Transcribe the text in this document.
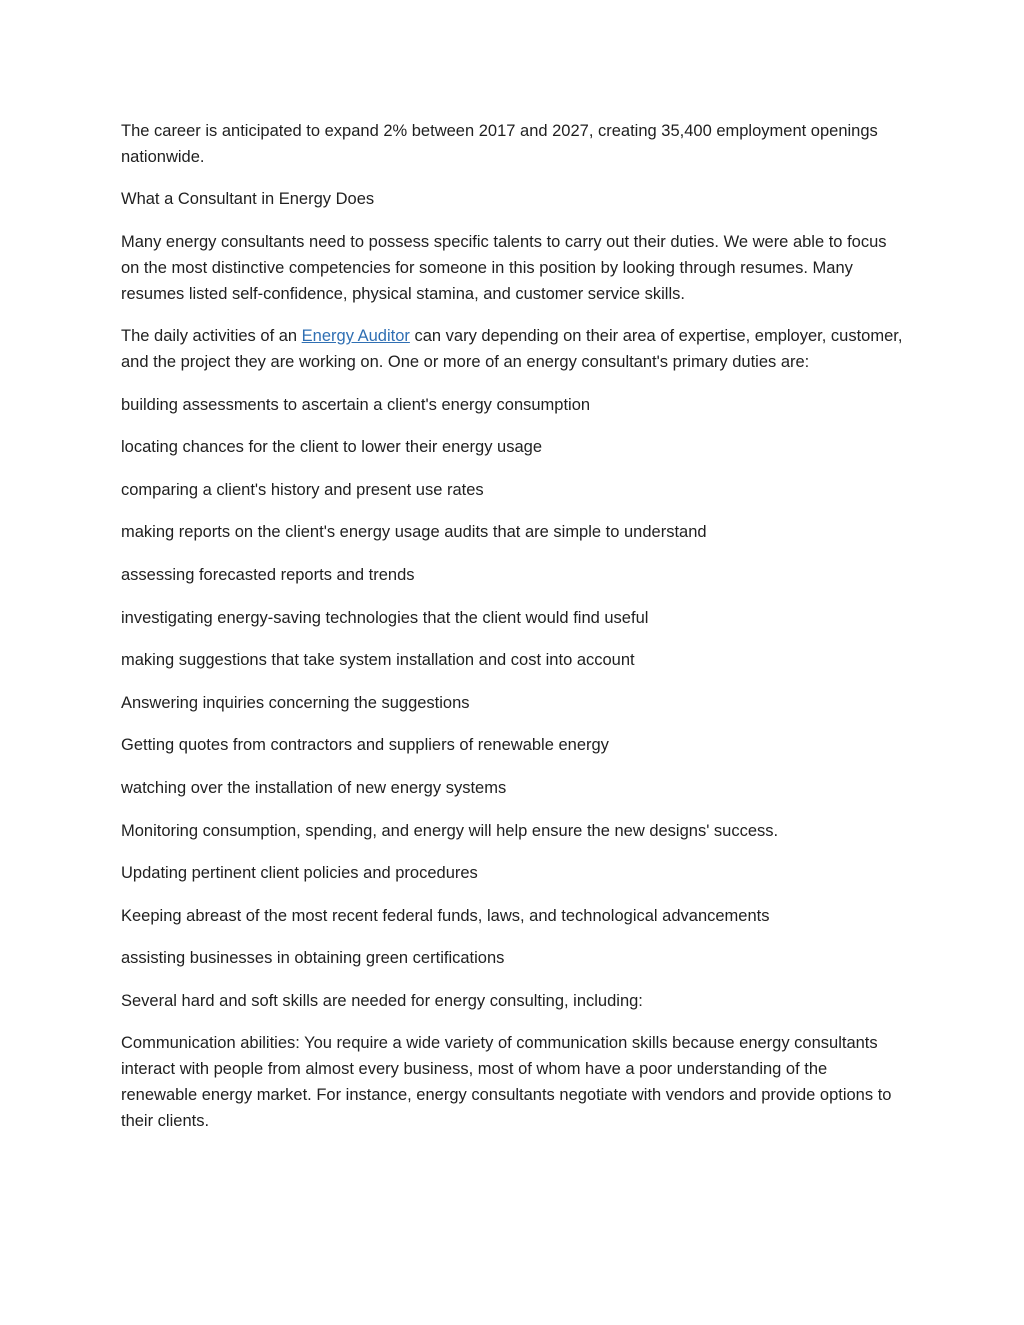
The career is anticipated to expand 2% between 2017 and 2027, creating 35,400 employment openings nationwide.

What a Consultant in Energy Does

Many energy consultants need to possess specific talents to carry out their duties. We were able to focus on the most distinctive competencies for someone in this position by looking through resumes. Many resumes listed self-confidence, physical stamina, and customer service skills.

The daily activities of an Energy Auditor can vary depending on their area of expertise, employer, customer, and the project they are working on. One or more of an energy consultant's primary duties are:

building assessments to ascertain a client's energy consumption

locating chances for the client to lower their energy usage

comparing a client's history and present use rates

making reports on the client's energy usage audits that are simple to understand

assessing forecasted reports and trends

investigating energy-saving technologies that the client would find useful

making suggestions that take system installation and cost into account

Answering inquiries concerning the suggestions

Getting quotes from contractors and suppliers of renewable energy

watching over the installation of new energy systems

Monitoring consumption, spending, and energy will help ensure the new designs' success.

Updating pertinent client policies and procedures

Keeping abreast of the most recent federal funds, laws, and technological advancements

assisting businesses in obtaining green certifications

Several hard and soft skills are needed for energy consulting, including:

Communication abilities: You require a wide variety of communication skills because energy consultants interact with people from almost every business, most of whom have a poor understanding of the renewable energy market. For instance, energy consultants negotiate with vendors and provide options to their clients.
